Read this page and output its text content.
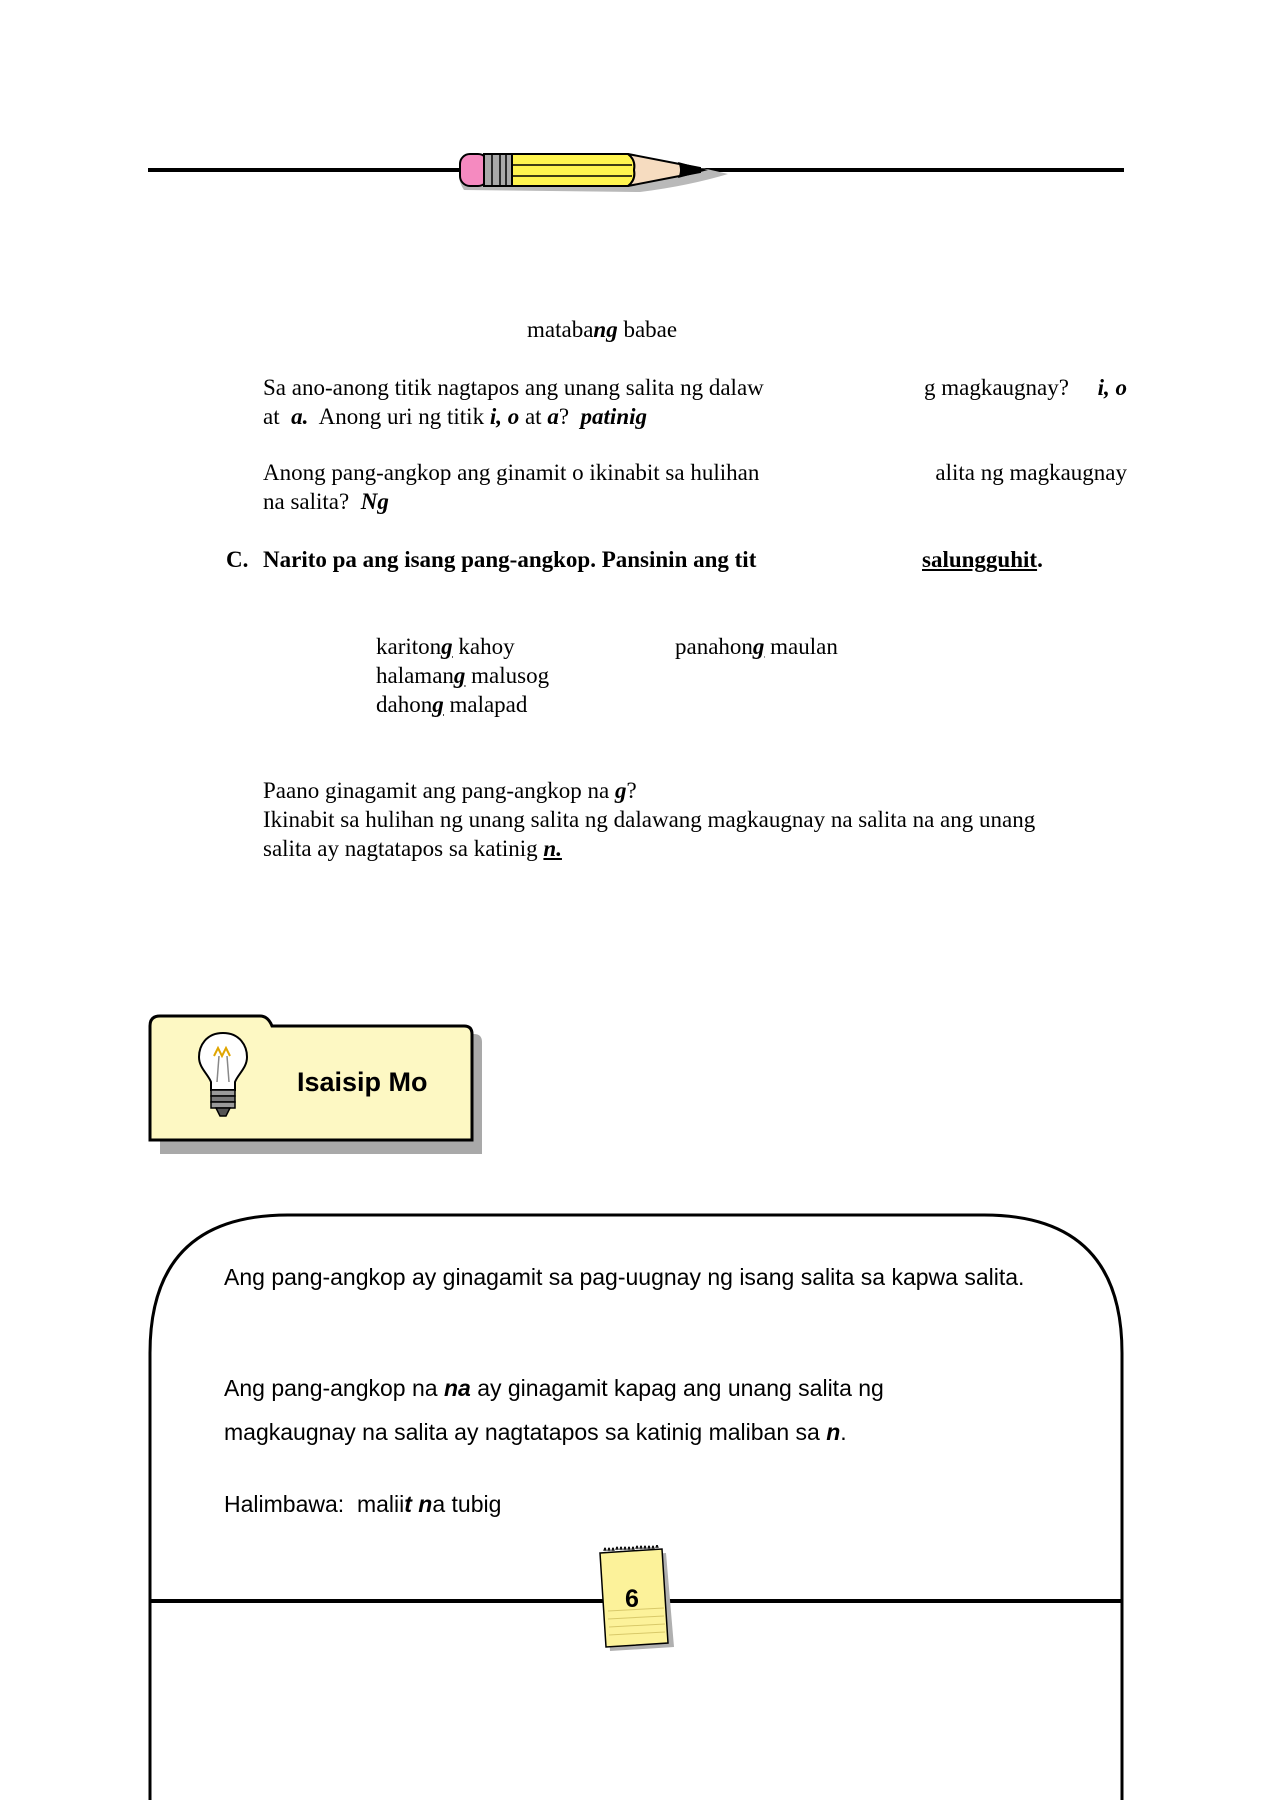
matabang babae
Sa ano-anong titik nagtapos ang unang salita ng dalaw	g magkaugnay? i, o
at a. Anong uri ng titik i, o at a? patinig
Anong pang-angkop ang ginamit o ikinabit sa hulihan	alita ng magkaugnay
na salita? Ng
C. Narito pa ang isang pang-angkop. Pansinin ang tit	salungguhit.
karitong kahoy
halamang malusog
dahong malapad
panahong maulan
Paano ginagamit ang pang-angkop na g?
Ikinabit sa hulihan ng unang salita ng dalawang magkaugnay na salita na ang unang
salita ay nagtatapos sa katinig n.
Isaisip Mo
Ang pang-angkop ay ginagamit sa pag-uugnay ng isang salita sa kapwa salita.
Ang pang-angkop na na ay ginagamit kapag ang unang salita ng magkaugnay na salita ay nagtatapos sa katinig maliban sa n.
Halimbawa: maliit na tubig
6
